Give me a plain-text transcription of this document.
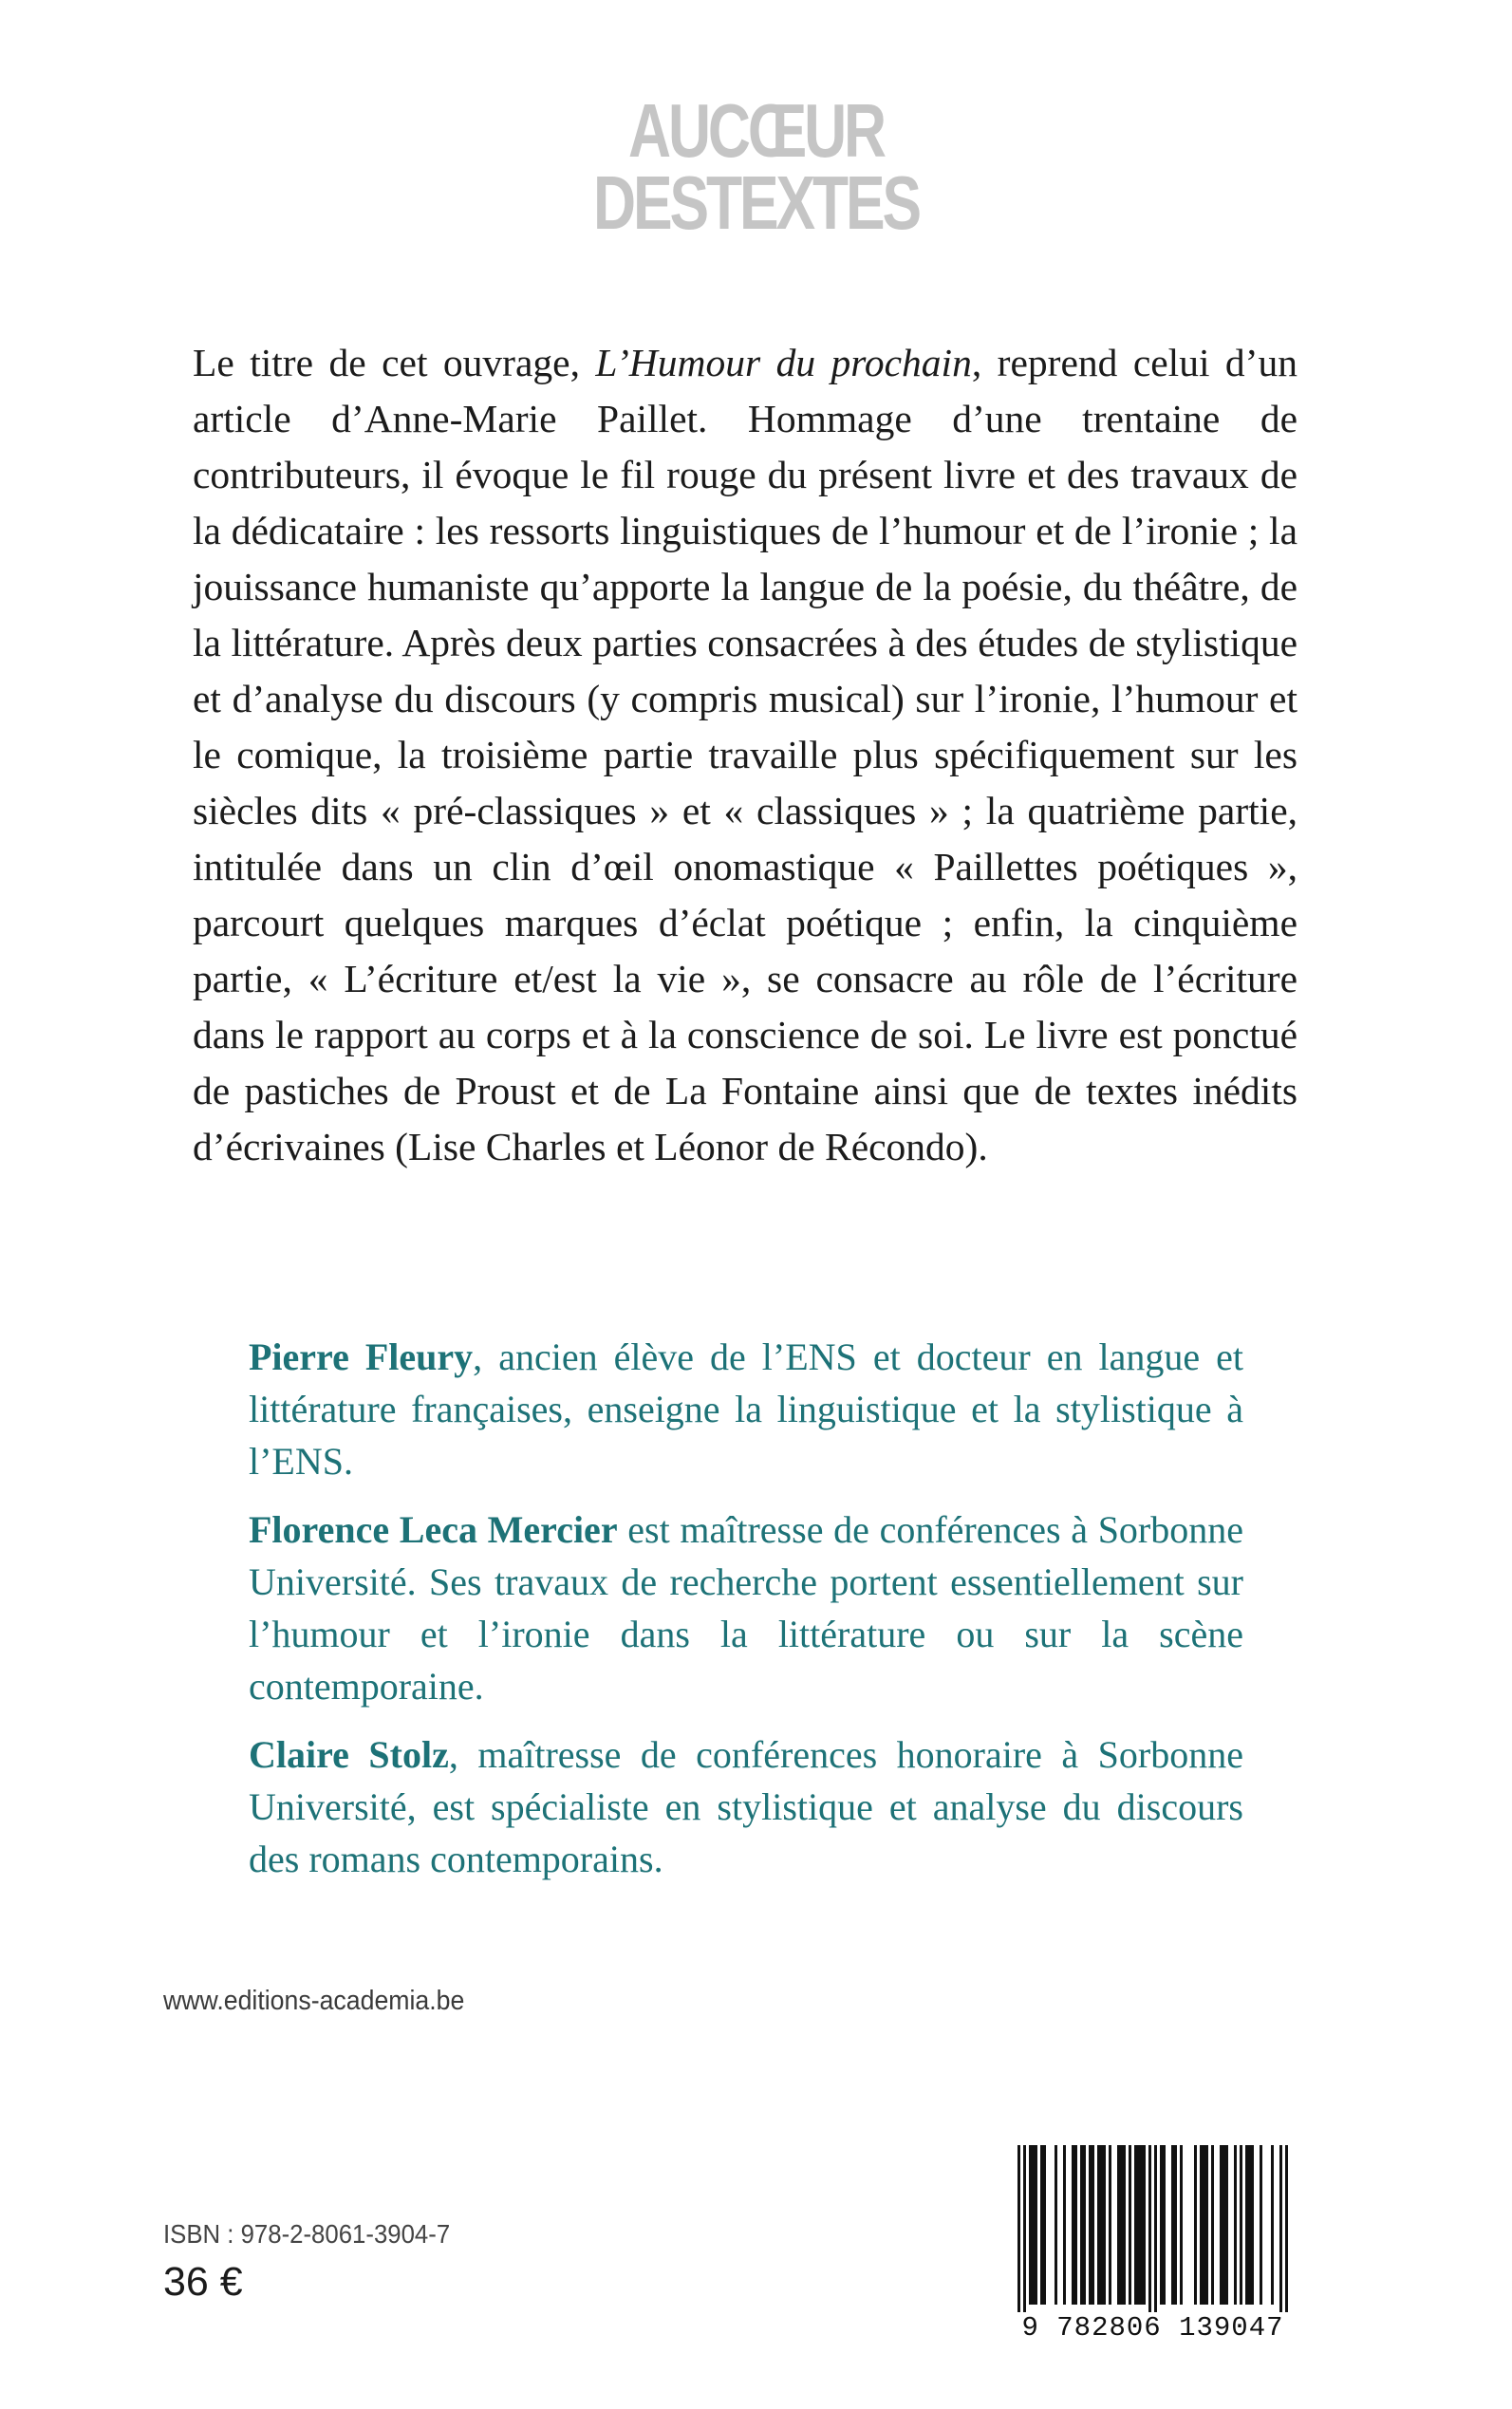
AUCŒUR
DESTEXTES

Le titre de cet ouvrage, L’Humour du prochain, reprend celui d’un article d’Anne-Marie Paillet. Hommage d’une trentaine de contributeurs, il évoque le fil rouge du présent livre et des travaux de la dédicataire : les ressorts linguistiques de l’humour et de l’ironie ; la jouissance humaniste qu’apporte la langue de la poésie, du théâtre, de la littérature. Après deux parties consacrées à des études de stylistique et d’analyse du discours (y compris musical) sur l’ironie, l’humour et le comique, la troisième partie travaille plus spécifiquement sur les siècles dits « pré-classiques » et « classiques » ; la quatrième partie, intitulée dans un clin d’œil onomastique « Paillettes poétiques », parcourt quelques marques d’éclat poétique ; enfin, la cinquième partie, « L’écriture et/est la vie », se consacre au rôle de l’écriture dans le rapport au corps et à la conscience de soi. Le livre est ponctué de pastiches de Proust et de La Fontaine ainsi que de textes inédits d’écrivaines (Lise Charles et Léonor de Récondo).

Pierre Fleury, ancien élève de l’ENS et docteur en langue et littérature françaises, enseigne la linguistique et la stylistique à l’ENS.

Florence Leca Mercier est maîtresse de conférences à Sorbonne Université. Ses travaux de recherche portent essentiellement sur l’humour et l’ironie dans la littérature ou sur la scène contemporaine.

Claire Stolz, maîtresse de conférences honoraire à Sorbonne Université, est spécialiste en stylistique et analyse du discours des romans contemporains.

www.editions-academia.be
ISBN : 978-2-8061-3904-7
36 €
9 782806 139047
